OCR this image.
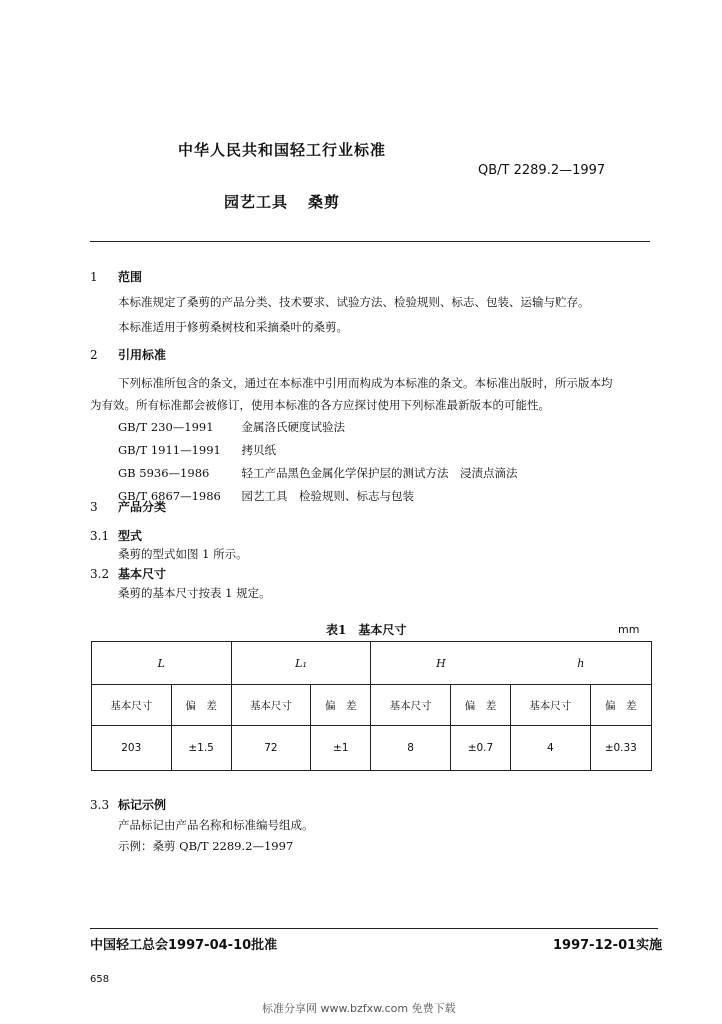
中华人民共和国轻工行业标准
QB/T 2289.2—1997
园艺工具 桑剪
1 范围
本标准规定了桑剪的产品分类、技术要求、试验方法、检验规则、标志、包装、运输与贮存。
本标准适用于修剪桑树枝和采摘桑叶的桑剪。
2 引用标准
下列标准所包含的条文，通过在本标准中引用而构成为本标准的条文。本标准出版时，所示版本均
为有效。所有标准都会被修订，使用本标准的各方应探讨使用下列标准最新版本的可能性。
GB/T 230—1991　 金属洛氏硬度试验法
GB/T 1911—1991　 拷贝纸
GB 5936—1986　	轻工产品黑色金属化学保护层的测试方法　浸渍点滴法
GB/T 6867—1986　 园艺工具　检验规则、标志与包装
3 产品分类
3.1 型式
桑剪的型式如图 1 所示。
3.2 基本尺寸
桑剪的基本尺寸按表 1 规定。
表1　基本尺寸	mm
L		L₁		H		h	
基本尺寸	偏　差	基本尺寸	偏　差	基本尺寸	偏　差	基本尺寸	偏　差
203	±1.5	72	±1	8	±0.7	4	±0.33
3.3 标记示例
产品标记由产品名称和标准编号组成。
示例：桑剪 QB/T 2289.2—1997
中国轻工总会1997-04-10批准	1997-12-01实施
658
标准分享网 www.bzfxw.com 免费下载
